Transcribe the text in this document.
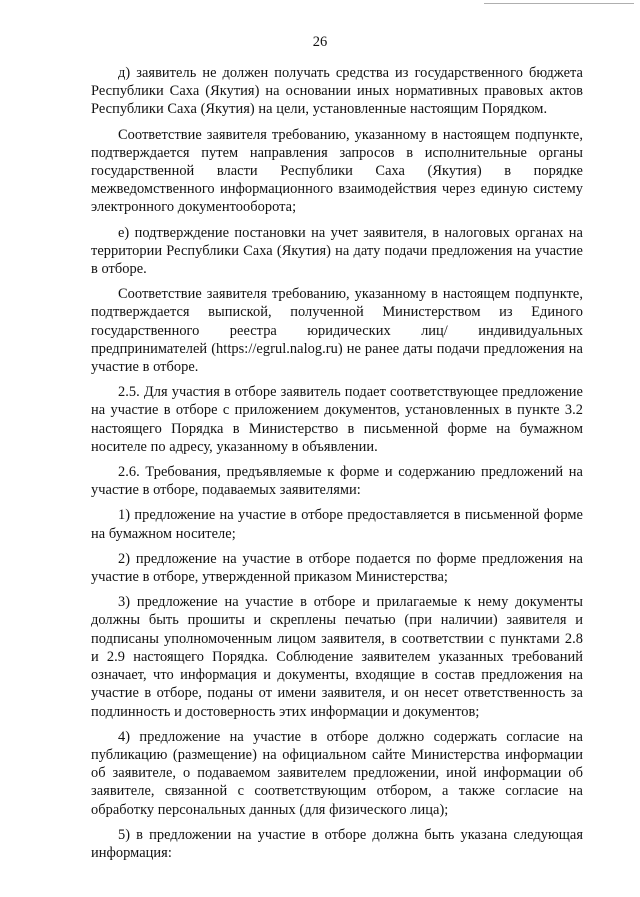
26

д) заявитель не должен получать средства из государственного бюджета Республики Саха (Якутия) на основании иных нормативных правовых актов Республики Саха (Якутия) на цели, установленные настоящим Порядком.

Соответствие заявителя требованию, указанному в настоящем подпункте, подтверждается путем направления запросов в исполнительные органы государственной власти Республики Саха (Якутия) в порядке межведомственного информационного взаимодействия через единую систему электронного документооборота;

е) подтверждение постановки на учет заявителя, в налоговых органах на территории Республики Саха (Якутия) на дату подачи предложения на участие в отборе.

Соответствие заявителя требованию, указанному в настоящем подпункте, подтверждается выпиской, полученной Министерством из Единого государственного реестра юридических лиц/ индивидуальных предпринимателей (https://egrul.nalog.ru) не ранее даты подачи предложения на участие в отборе.

2.5. Для участия в отборе заявитель подает соответствующее предложение на участие в отборе с приложением документов, установленных в пункте 3.2 настоящего Порядка в Министерство в письменной форме на бумажном носителе по адресу, указанному в объявлении.

2.6. Требования, предъявляемые к форме и содержанию предложений на участие в отборе, подаваемых заявителями:

1) предложение на участие в отборе предоставляется в письменной форме на бумажном носителе;

2) предложение на участие в отборе подается по форме предложения на участие в отборе, утвержденной приказом Министерства;

3) предложение на участие в отборе и прилагаемые к нему документы должны быть прошиты и скреплены печатью (при наличии) заявителя и подписаны уполномоченным лицом заявителя, в соответствии с пунктами 2.8 и 2.9 настоящего Порядка. Соблюдение заявителем указанных требований означает, что информация и документы, входящие в состав предложения на участие в отборе, поданы от имени заявителя, и он несет ответственность за подлинность и достоверность этих информации и документов;

4) предложение на участие в отборе должно содержать согласие на публикацию (размещение) на официальном сайте Министерства информации об заявителе, о подаваемом заявителем предложении, иной информации об заявителе, связанной с соответствующим отбором, а также согласие на обработку персональных данных (для физического лица);

5) в предложении на участие в отборе должна быть указана следующая информация:
